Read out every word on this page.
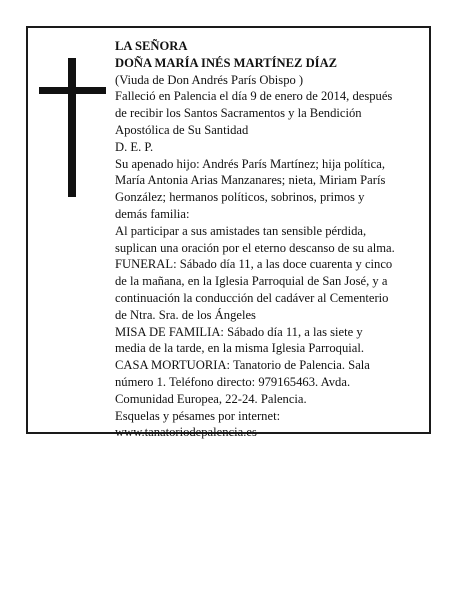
LA SEÑORA
DOÑA MARÍA INÉS MARTÍNEZ DÍAZ
(Viuda de Don Andrés París Obispo )
Falleció en Palencia el día 9 de enero de 2014, después
de recibir los Santos Sacramentos y la Bendición
Apostólica de Su Santidad
D. E. P.
Su apenado hijo: Andrés París Martínez; hija política,
María Antonia Arias Manzanares; nieta, Miriam París
González; hermanos políticos, sobrinos, primos y
demás familia:
Al participar a sus amistades tan sensible pérdida,
suplican una oración por el eterno descanso de su alma.
FUNERAL: Sábado día 11, a las doce cuarenta y cinco
de la mañana, en la Iglesia Parroquial de San José, y a
continuación la conducción del cadáver al Cementerio
de Ntra. Sra. de los Ángeles
MISA DE FAMILIA: Sábado día 11, a las siete y
media de la tarde, en la misma Iglesia Parroquial.
CASA MORTUORIA: Tanatorio de Palencia. Sala
número 1. Teléfono directo: 979165463. Avda.
Comunidad Europea, 22-24. Palencia.
Esquelas y pésames por internet:
www.tanatoriodepalencia.es
